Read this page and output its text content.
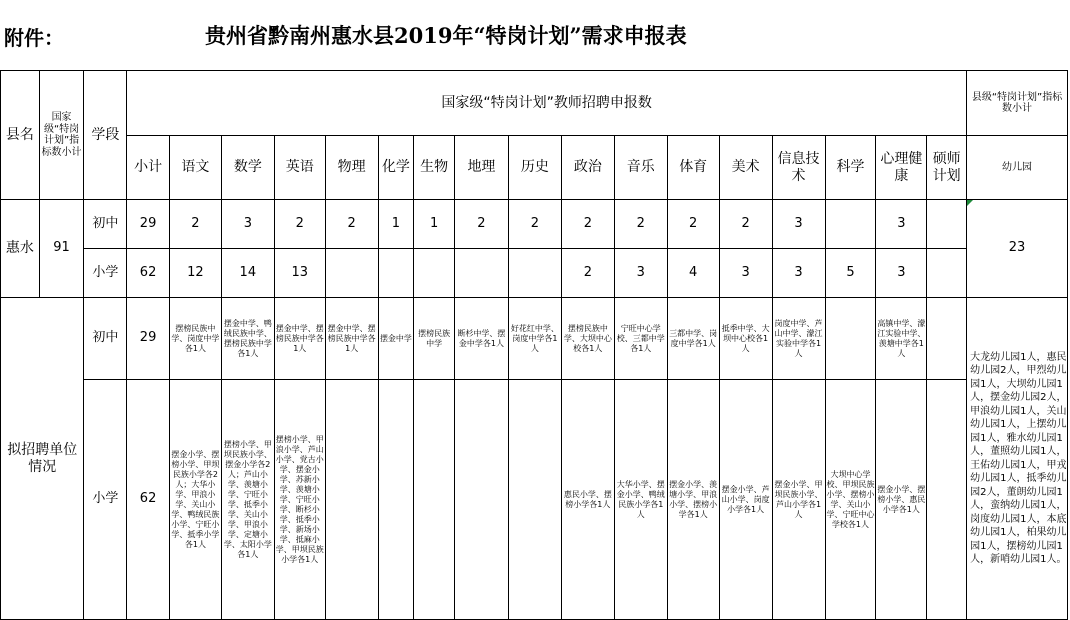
附件：	贵州省黔南州惠水县2019年“特岗计划”需求申报表
县名	国家级“特岗计划”指标数小计	学段	国家级“特岗计划”教师招聘申报数																	县级“特岗计划”指标数小计
			小计	语文	数学	英语	物理	化学	生物	地理	历史	政治	音乐	体育	美术	信息技术	科学	心理健康	硕师计划	幼儿园
惠水	91	初中	29	2	3	2	2	1	1	2	2	2	2	2	2	3		3		23
		小学	62	12	14	13						2	3	4	3	3	5	3		
拟招聘单位情况		初中	29	摆榜民族中学、岗度中学各1人	摆金中学、鸭绒民族中学、摆榜民族中学各1人	摆金中学、摆榜民族中学各1人	摆金中学、摆榜民族中学各1人	摆金中学	摆榜民族中学	断杉中学、摆金中学各1人	好花红中学、岗度中学各1人	摆榜民族中学、大坝中心校各1人	宁旺中心学校、三都中学各1人	三都中学、岗度中学各1人	抵季中学、大坝中心校各1人	岗度中学、芦山中学、濛江实验中学各1人		高镇中学、濛江实验中学、羡塘中学各1人		大龙幼儿园1人，惠民幼儿园2人，甲烈幼儿园1人，大坝幼儿园1人，摆金幼儿园2人，甲浪幼儿园1人，关山幼儿园1人，上摆幼儿园1人，雅水幼儿园1人，董照幼儿园1人，王佑幼儿园1人，甲戎幼儿园1人，抵季幼儿园2人，董朗幼儿园1人，蛮纳幼儿园1人，岗度幼儿园1人，本底幼儿园1人，柏果幼儿园1人，摆榜幼儿园1人，新哨幼儿园1人。
		小学	62	摆金小学、摆榜小学、甲坝民族小学各2人；大华小学、甲浪小学、关山小学、鸭绒民族小学、宁旺小学、抵季小学各1人	摆榜小学、甲坝民族小学、摆金小学各2人；芦山小学、羡塘小学、宁旺小学、抵季小学、关山小学、甲浪小学、定塘小学、太阳小学各1人	摆榜小学、甲浪小学、芦山小学、党古小学、摆金小学、苏新小学、羡塘小学、宁旺小学、断杉小学、抵季小学、新场小学、抵麻小学、甲坝民族小学各1人						惠民小学、摆榜小学各1人	大华小学、摆金小学、鸭绒民族小学各1人	摆金小学、羡塘小学、甲浪小学、摆榜小学各1人	摆金小学、芦山小学、岗度小学各1人	摆金小学、甲坝民族小学、芦山小学各1人	大坝中心学校、甲坝民族小学、摆榜小学、关山小学、宁旺中心学校各1人	摆金小学、摆榜小学、惠民小学各1人		
